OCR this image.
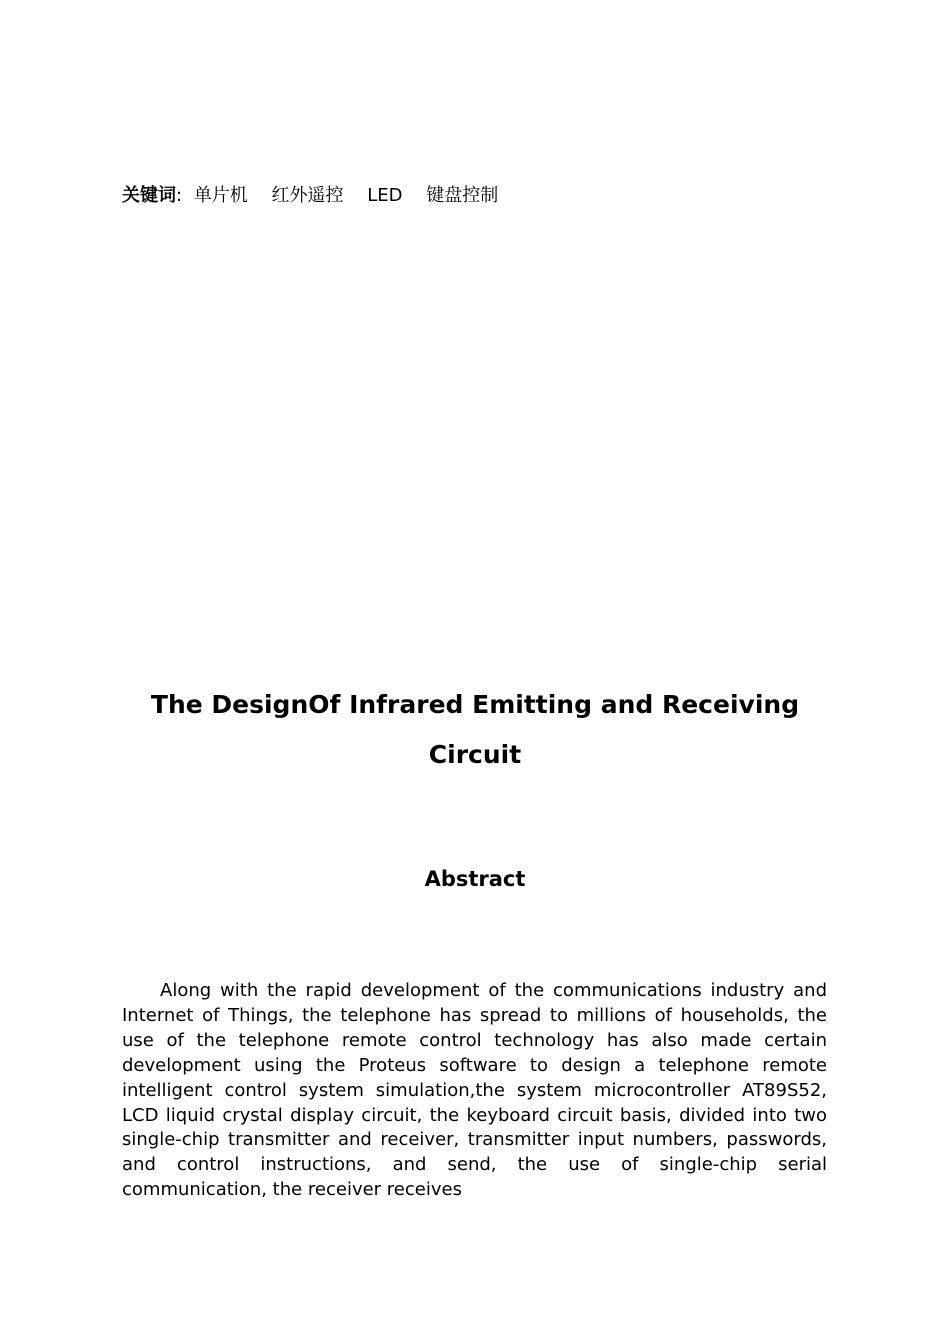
关键词: 单片机 红外遥控 LED 键盘控制
The DesignOf Infrared Emitting and Receiving
Circuit
Abstract

Along with the rapid development of the communications industry and Internet of Things, the telephone has spread to millions of households, the use of the telephone remote control technology has also made certain development using the Proteus software to design a telephone remote intelligent control system simulation,the system microcontroller AT89S52, LCD liquid crystal display circuit, the keyboard circuit basis, divided into two single-chip transmitter and receiver, transmitter input numbers, passwords, and control instructions, and send, the use of single-chip serial communication, the receiver receives
